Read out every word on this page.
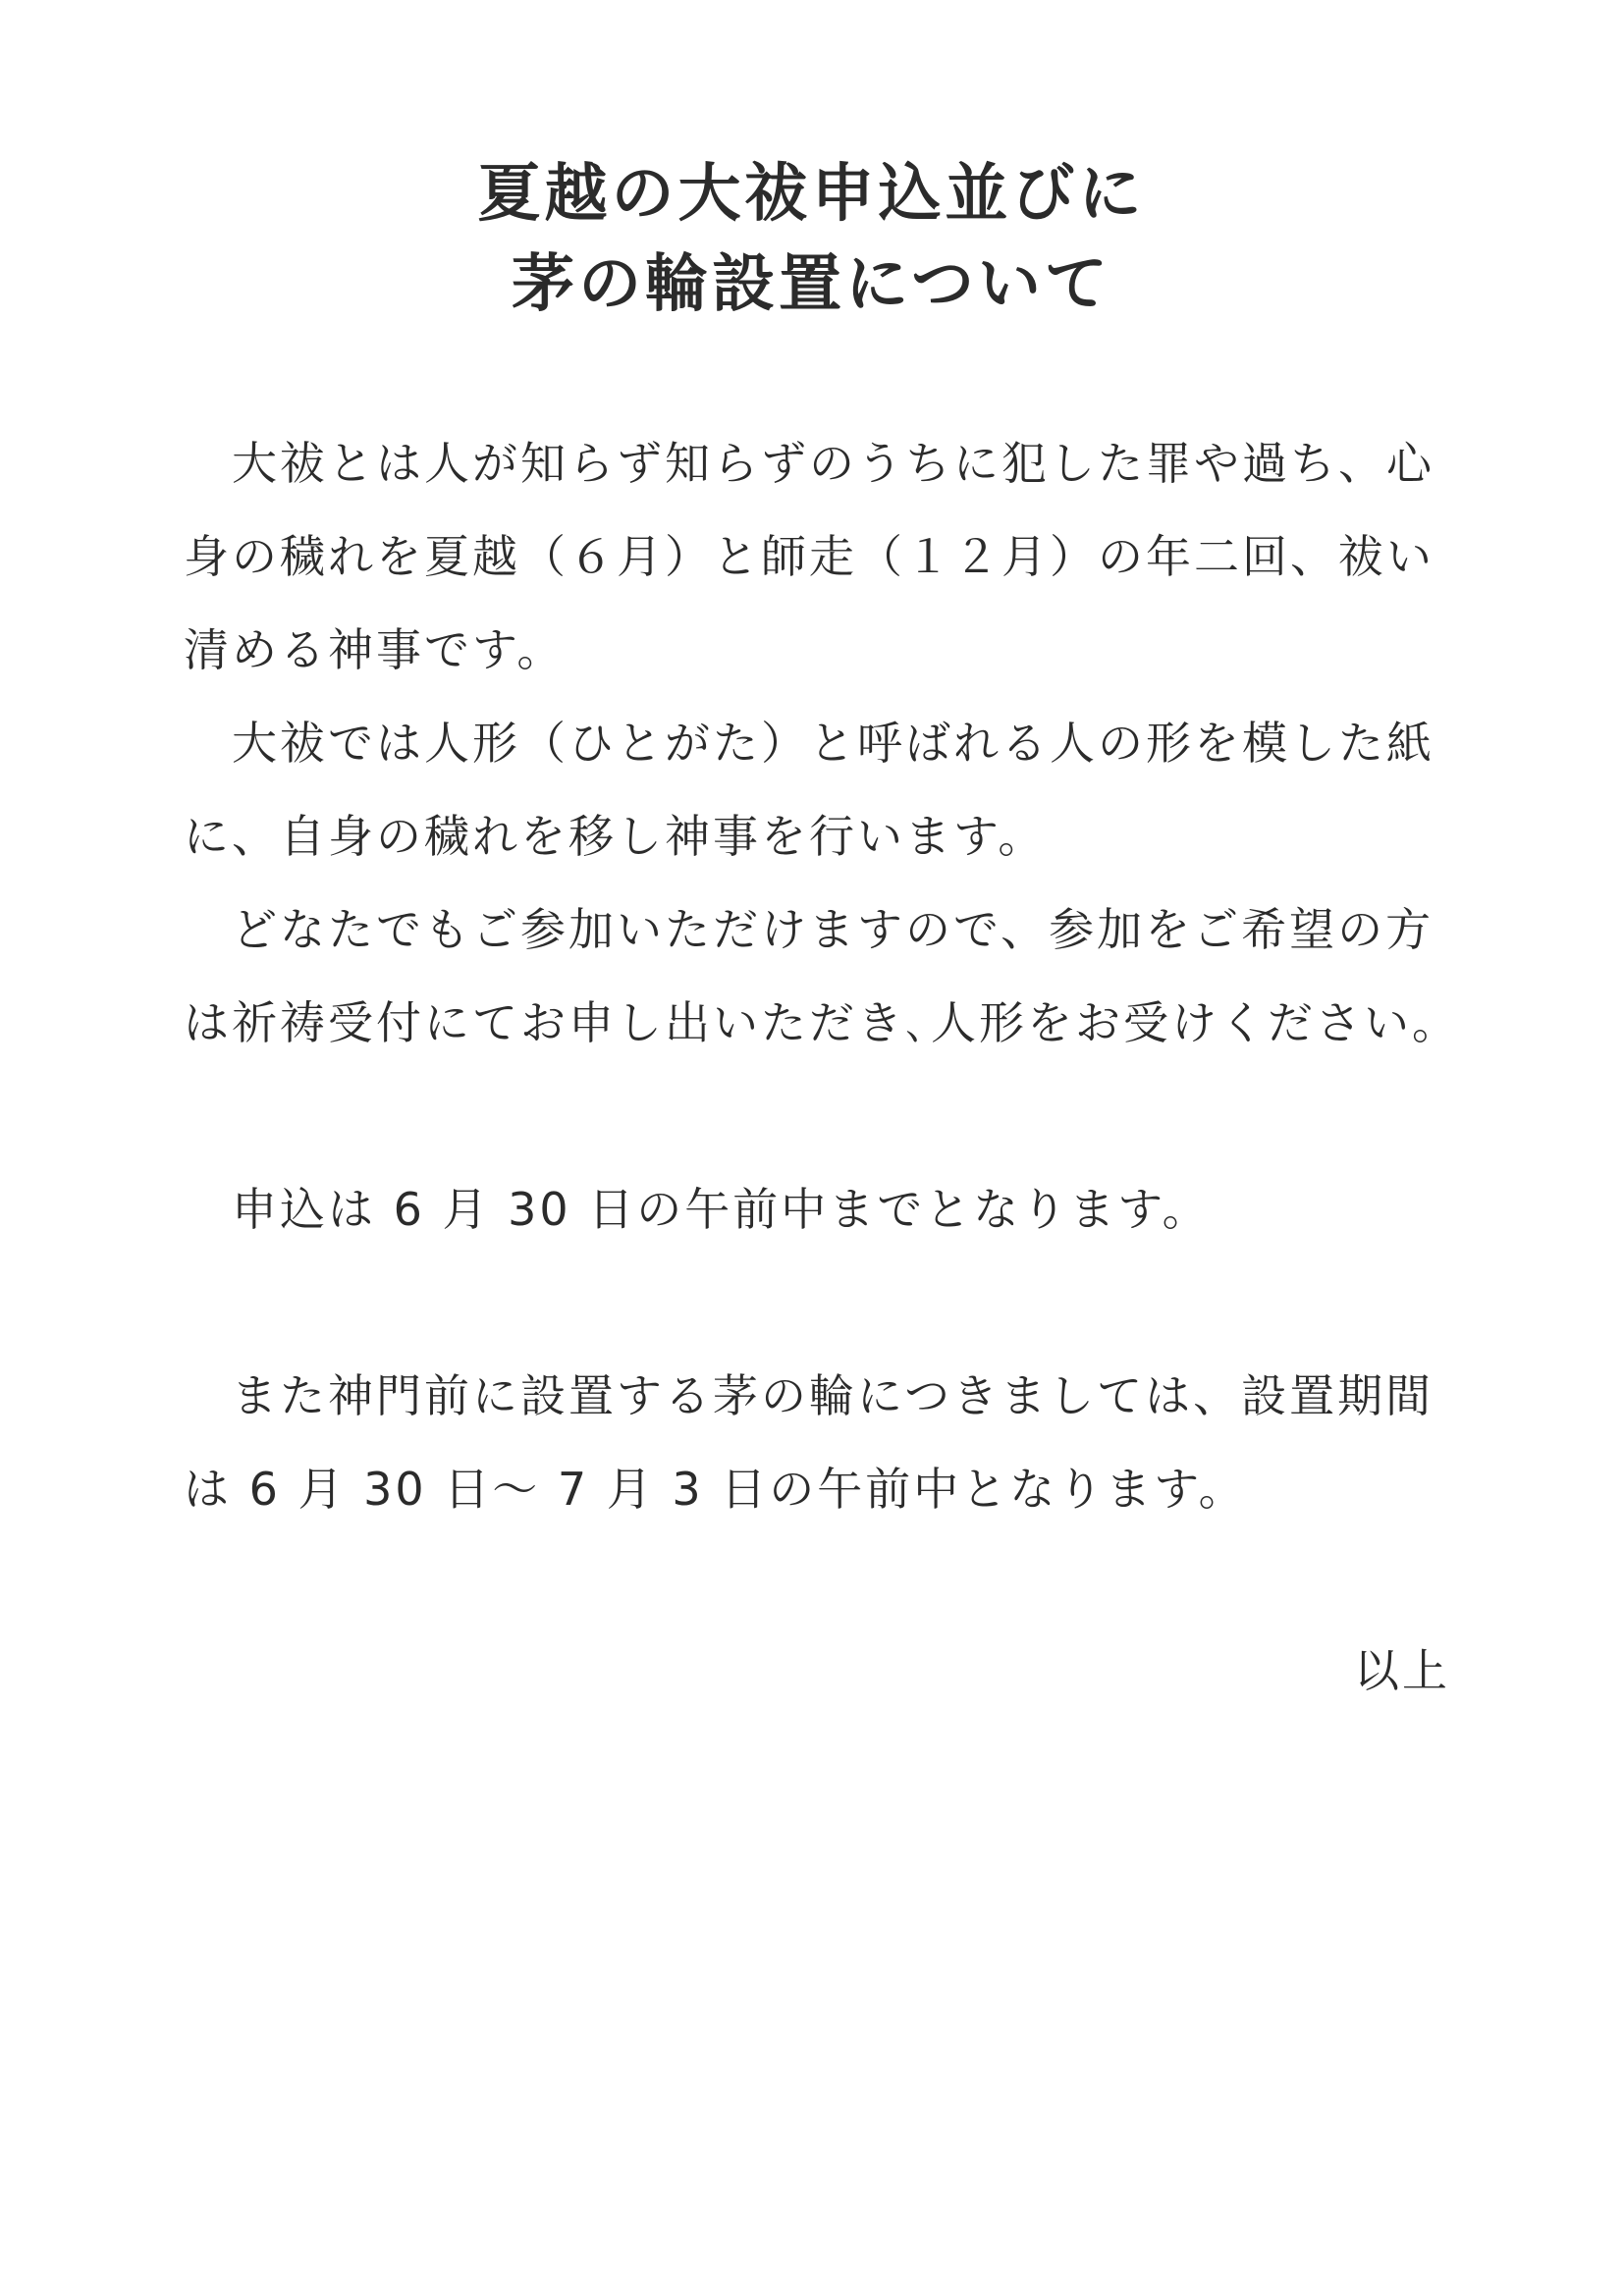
夏越の大祓申込並びに
茅の輪設置について
　大祓とは人が知らず知らずのうちに犯した罪や過ち、心
身の穢れを夏越（６月）と師走（１２月）の年二回、祓い
清める神事です。
　大祓では人形（ひとがた）と呼ばれる人の形を模した紙
に、自身の穢れを移し神事を行います。
　どなたでもご参加いただけますので、参加をご希望の方
は祈祷受付にてお申し出いただき､人形をお受けください。
　申込は 6 月 30 日の午前中までとなります。
　また神門前に設置する茅の輪につきましては、設置期間
は 6 月 30 日～ 7 月 3 日の午前中となります。
以上
